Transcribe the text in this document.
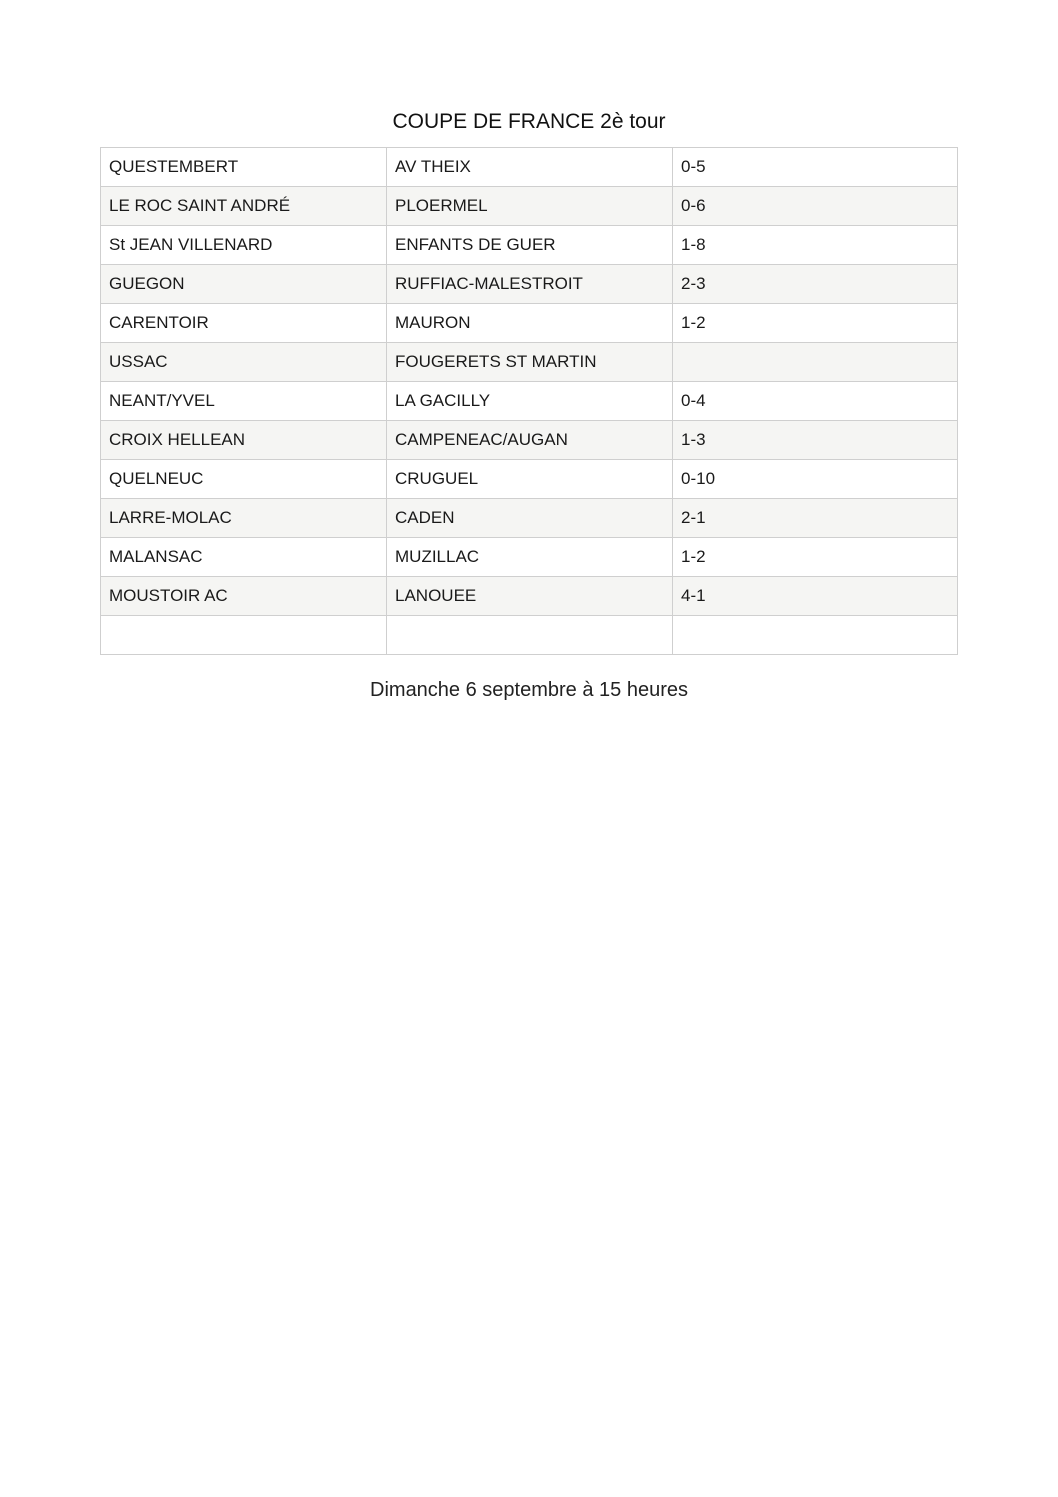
COUPE DE FRANCE 2è tour
QUESTEMBERT	AV THEIX	0-5
LE ROC SAINT ANDRÉ	PLOERMEL	0-6
St JEAN VILLENARD	ENFANTS DE GUER	1-8
GUEGON	RUFFIAC-MALESTROIT	2-3
CARENTOIR	MAURON	1-2
USSAC	FOUGERETS ST MARTIN	
NEANT/YVEL	LA GACILLY	0-4
CROIX HELLEAN	CAMPENEAC/AUGAN	1-3
QUELNEUC	CRUGUEL	0-10
LARRE-MOLAC	CADEN	2-1
MALANSAC	MUZILLAC	1-2
MOUSTOIR AC	LANOUEE	4-1

Dimanche 6 septembre à 15 heures
